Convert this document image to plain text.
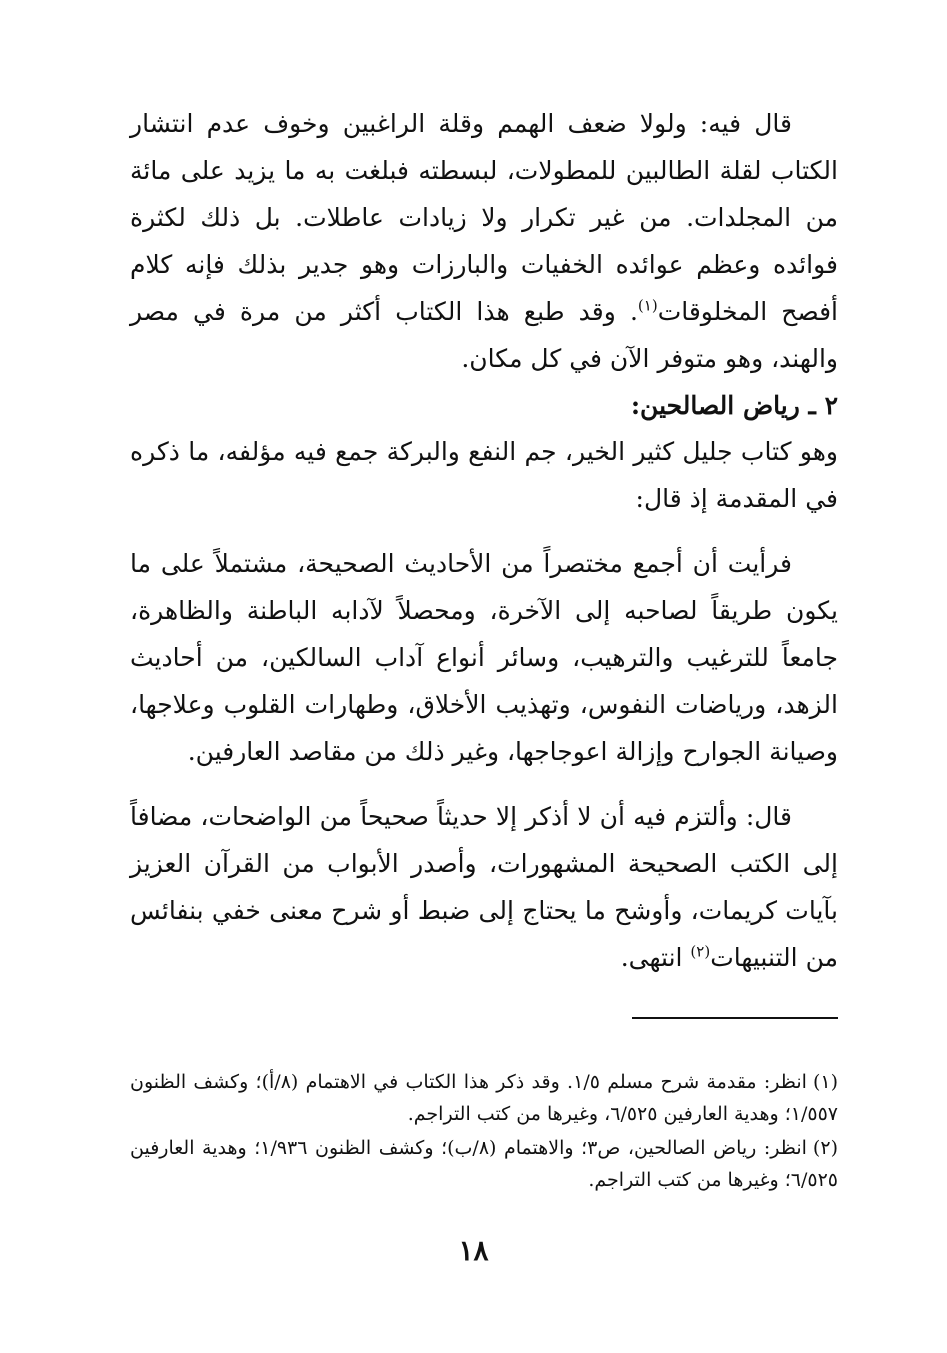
قال فيه: ولولا ضعف الهمم وقلة الراغبين وخوف عدم انتشار الكتاب لقلة الطالبين للمطولات، لبسطته فبلغت به ما يزيد على مائة من المجلدات. من غير تكرار ولا زيادات عاطلات. بل ذلك لكثرة فوائده وعظم عوائده الخفيات والبارزات وهو جدير بذلك فإنه كلام أفصح المخلوقات$^{(١)}$. وقد طبع هذا الكتاب أكثر من مرة في مصر والهند، وهو متوفر الآن في كل مكان.

٢ ـ رياض الصالحين:

وهو كتاب جليل كثير الخير، جم النفع والبركة جمع فيه مؤلفه، ما ذكره في المقدمة إذ قال:

فرأيت أن أجمع مختصراً من الأحاديث الصحيحة، مشتملاً على ما يكون طريقاً لصاحبه إلى الآخرة، ومحصلاً لآدابه الباطنة والظاهرة، جامعاً للترغيب والترهيب، وسائر أنواع آداب السالكين، من أحاديث الزهد، ورياضات النفوس، وتهذيب الأخلاق، وطهارات القلوب وعلاجها، وصيانة الجوارح وإزالة اعوجاجها، وغير ذلك من مقاصد العارفين.

قال: وألتزم فيه أن لا أذكر إلا حديثاً صحيحاً من الواضحات، مضافاً إلى الكتب الصحيحة المشهورات، وأصدر الأبواب من القرآن العزيز بآيات كريمات، وأوشح ما يحتاج إلى ضبط أو شرح معنى خفي بنفائس من التنبيهات$^{(٢)}$ انتهى.

(١)انظر: مقدمة شرح مسلم ١/٥. وقد ذكر هذا الكتاب في الاهتمام (٨/أ)؛ وكشف الظنون ١/٥٥٧؛ وهدية العارفين ٦/٥٢٥، وغيرها من كتب التراجم.

(٢)انظر: رياض الصالحين، ص٣؛ والاهتمام (٨/ب)؛ وكشف الظنون ١/٩٣٦؛ وهدية العارفين ٦/٥٢٥؛ وغيرها من كتب التراجم.

١٨
